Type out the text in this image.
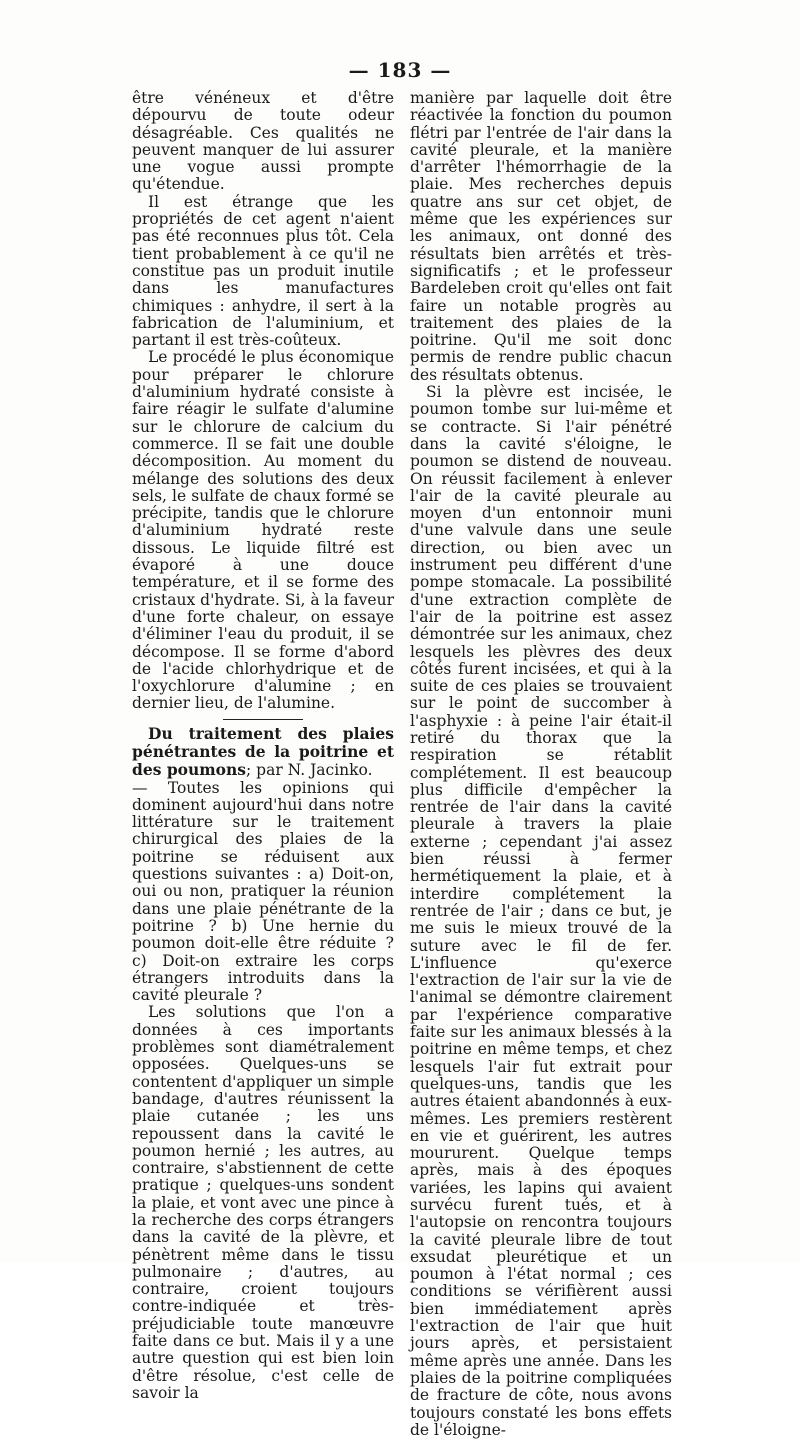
— 183 —

être vénéneux et d'être dépourvu de toute odeur désagréable. Ces qualités ne peuvent manquer de lui assurer une vogue aussi prompte qu'étendue.

Il est étrange que les propriétés de cet agent n'aient pas été reconnues plus tôt. Cela tient probablement à ce qu'il ne constitue pas un produit inutile dans les manufactures chimiques : anhydre, il sert à la fabrication de l'aluminium, et partant il est très-coûteux.

Le procédé le plus économique pour préparer le chlorure d'aluminium hydraté consiste à faire réagir le sulfate d'alumine sur le chlorure de calcium du commerce. Il se fait une double décomposition. Au moment du mélange des solutions des deux sels, le sulfate de chaux formé se précipite, tandis que le chlorure d'aluminium hydraté reste dissous. Le liquide filtré est évaporé à une douce température, et il se forme des cristaux d'hydrate. Si, à la faveur d'une forte chaleur, on essaye d'éliminer l'eau du produit, il se décompose. Il se forme d'abord de l'acide chlorhydrique et de l'oxychlorure d'alumine ; en dernier lieu, de l'alumine.

Du traitement des plaies pénétrantes de la poitrine et des poumons; par N. Jacinko.

— Toutes les opinions qui dominent aujourd'hui dans notre littérature sur le traitement chirurgical des plaies de la poitrine se réduisent aux questions suivantes : a) Doit-on, oui ou non, pratiquer la réunion dans une plaie pénétrante de la poitrine ? b) Une hernie du poumon doit-elle être réduite ? c) Doit-on extraire les corps étrangers introduits dans la cavité pleurale ?

Les solutions que l'on a données à ces importants problèmes sont diamétralement opposées. Quelques-uns se contentent d'appliquer un simple bandage, d'autres réunissent la plaie cutanée ; les uns repoussent dans la cavité le poumon hernié ; les autres, au contraire, s'abstiennent de cette pratique ; quelques-uns sondent la plaie, et vont avec une pince à la recherche des corps étrangers dans la cavité de la plèvre, et pénètrent même dans le tissu pulmonaire ; d'autres, au contraire, croient toujours contre-indiquée et très-préjudiciable toute manœuvre faite dans ce but. Mais il y a une autre question qui est bien loin d'être résolue, c'est celle de savoir la

manière par laquelle doit être réactivée la fonction du poumon flétri par l'entrée de l'air dans la cavité pleurale, et la manière d'arrêter l'hémorrhagie de la plaie. Mes recherches depuis quatre ans sur cet objet, de même que les expériences sur les animaux, ont donné des résultats bien arrêtés et très-significatifs ; et le professeur Bardeleben croit qu'elles ont fait faire un notable progrès au traitement des plaies de la poitrine. Qu'il me soit donc permis de rendre public chacun des résultats obtenus.

Si la plèvre est incisée, le poumon tombe sur lui-même et se contracte. Si l'air pénétré dans la cavité s'éloigne, le poumon se distend de nouveau. On réussit facilement à enlever l'air de la cavité pleurale au moyen d'un entonnoir muni d'une valvule dans une seule direction, ou bien avec un instrument peu différent d'une pompe stomacale. La possibilité d'une extraction complète de l'air de la poitrine est assez démontrée sur les animaux, chez lesquels les plèvres des deux côtés furent incisées, et qui à la suite de ces plaies se trouvaient sur le point de succomber à l'asphyxie : à peine l'air était-il retiré du thorax que la respiration se rétablit complétement. Il est beaucoup plus difficile d'empêcher la rentrée de l'air dans la cavité pleurale à travers la plaie externe ; cependant j'ai assez bien réussi à fermer hermétiquement la plaie, et à interdire complétement la rentrée de l'air ; dans ce but, je me suis le mieux trouvé de la suture avec le fil de fer. L'influence qu'exerce l'extraction de l'air sur la vie de l'animal se démontre clairement par l'expérience comparative faite sur les animaux blessés à la poitrine en même temps, et chez lesquels l'air fut extrait pour quelques-uns, tandis que les autres étaient abandonnés à eux-mêmes. Les premiers restèrent en vie et guérirent, les autres moururent. Quelque temps après, mais à des époques variées, les lapins qui avaient survécu furent tués, et à l'autopsie on rencontra toujours la cavité pleurale libre de tout exsudat pleurétique et un poumon à l'état normal ; ces conditions se vérifièrent aussi bien immédiatement après l'extraction de l'air que huit jours après, et persistaient même après une année. Dans les plaies de la poitrine compliquées de fracture de côte, nous avons toujours constaté les bons effets de l'éloigne-
